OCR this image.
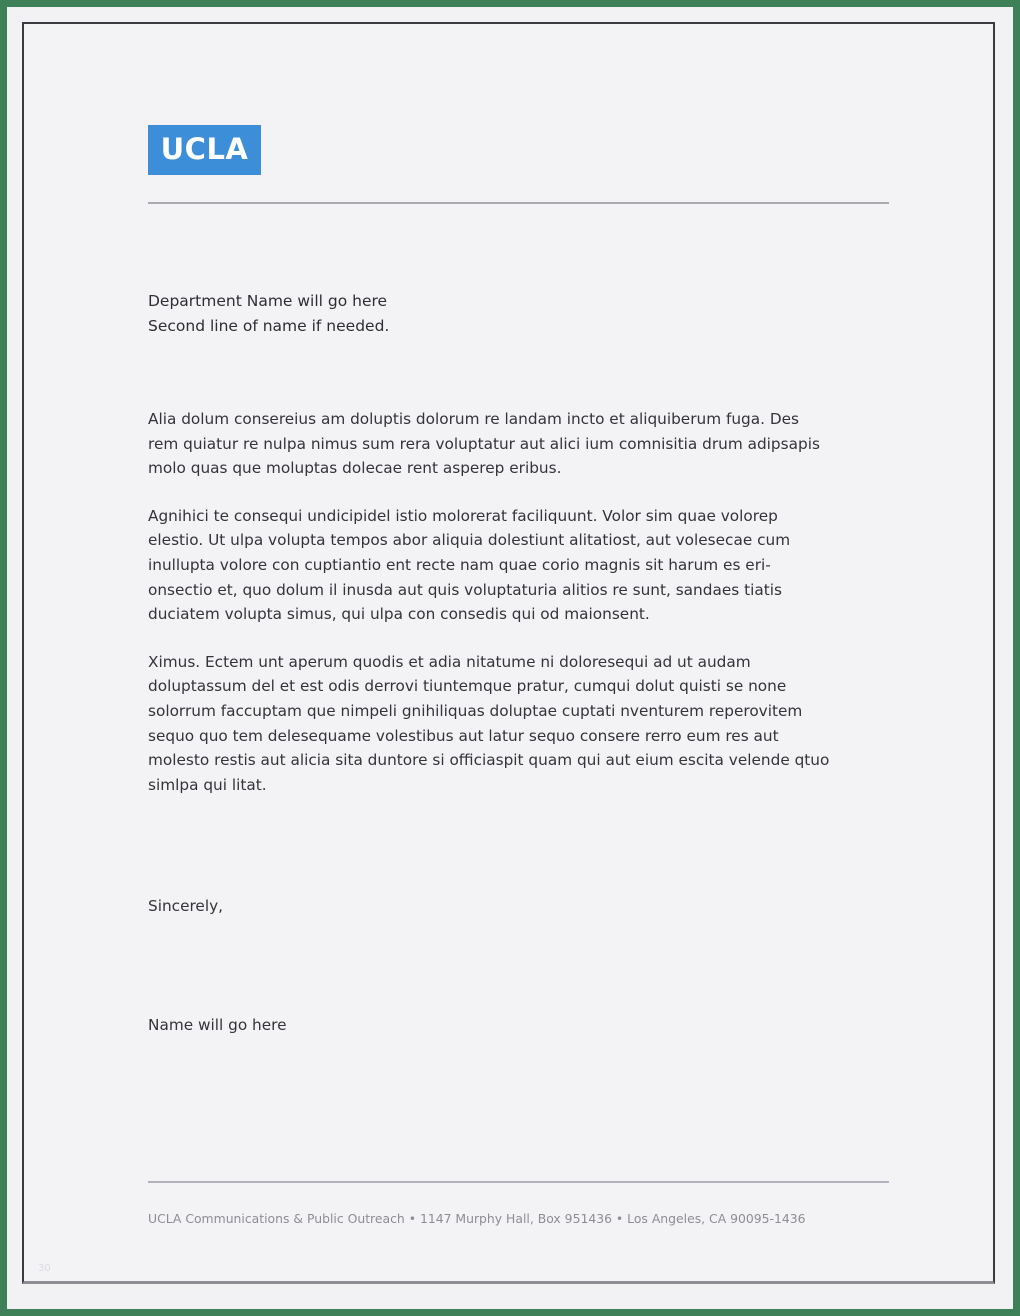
UCLA
Department Name will go here
Second line of name if needed.

Alia dolum consereius am doluptis dolorum re landam incto et aliquiberum fuga. Des rem quiatur re nulpa nimus sum rera voluptatur aut alici ium comnisitia drum adipsapis molo quas que moluptas dolecae rent asperep eribus.

Agnihici te consequi undicipidel istio molorerat faciliquunt. Volor sim quae volorep elestio. Ut ulpa volupta tempos abor aliquia dolestiunt alitatiost, aut volesecae cum inullupta volore con cuptiantio ent recte nam quae corio magnis sit harum es eri-onsectio et, quo dolum il inusda aut quis voluptaturia alitios re sunt, sandaes tiatis duciatem volupta simus, qui ulpa con consedis qui od maionsent.

Ximus. Ectem unt aperum quodis et adia nitatume ni doloresequi ad ut audam doluptassum del et est odis derrovi tiuntemque pratur, cumqui dolut quisti se none solorrum faccuptam que nimpeli gnihiliquas doluptae cuptati nventurem reperovitem sequo quo tem delesequame volestibus aut latur sequo consere rerro eum res aut molesto restis aut alicia sita duntore si officiaspit quam qui aut eium escita velende qtuo simlpa qui litat.

Sincerely,
Name will go here
UCLA Communications & Public Outreach • 1147 Murphy Hall, Box 951436 • Los Angeles, CA 90095-1436
30
